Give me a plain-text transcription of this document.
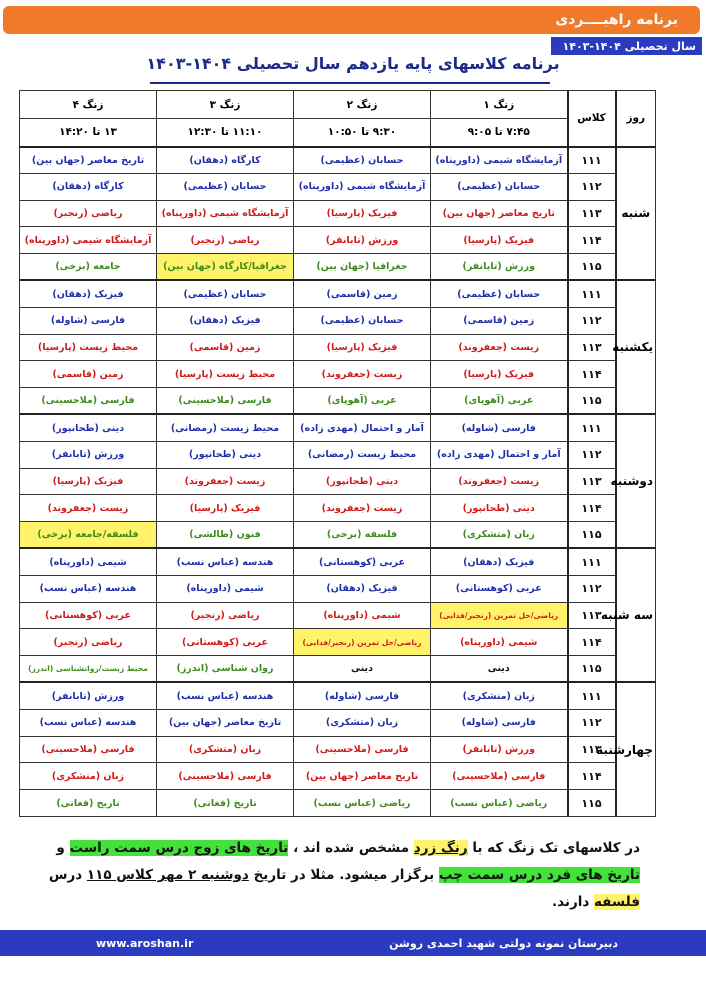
برنامه راهبــــردی
سال تحصیلی ۱۴۰۴-۱۴۰۳
برنامه کلاسهای پایه یازدهم سال تحصیلی ۱۴۰۴-۱۴۰۳
روز	کلاس	زنگ ۱	زنگ ۲	زنگ ۳	زنگ ۴
		۷:۴۵ تا ۹:۰۵	۹:۳۰ تا ۱۰:۵۰	۱۱:۱۰ تا ۱۲:۳۰	۱۳ تا ۱۴:۲۰
شنبه	۱۱۱	آزمایشگاه شیمی (داورپناه)	حسابان (عظیمی)	کارگاه (دهقان)	تاریخ معاصر (جهان بین)
	۱۱۲	حسابان (عظیمی)	آزمایشگاه شیمی (داورپناه)	حسابان (عظیمی)	کارگاه (دهقان)
	۱۱۳	تاریخ معاصر (جهان بین)	فیزیک (پارسیا)	آزمایشگاه شیمی (داورپناه)	ریاضی (رنجبر)
	۱۱۴	فیزیک (پارسیا)	ورزش (تابانفر)	ریاضی (رنجبر)	آزمایشگاه شیمی (داورپناه)
	۱۱۵	ورزش (تابانفر)	جغرافیا (جهان بین)	جغرافیا/کارگاه (جهان بین)	جامعه (برخی)
یکشنبه	۱۱۱	حسابان (عظیمی)	زمین (قاسمی)	حسابان (عظیمی)	فیزیک (دهقان)
	۱۱۲	زمین (قاسمی)	حسابان (عظیمی)	فیزیک (دهقان)	فارسی (شاوله)
	۱۱۳	زیست (جعفروند)	فیزیک (پارسیا)	زمین (قاسمی)	محیط زیست (پارسیا)
	۱۱۴	فیزیک (پارسیا)	زیست (جعفروند)	محیط زیست (پارسیا)	زمین (قاسمی)
	۱۱۵	عربی (آهوپای)	عربی (آهوپای)	فارسی (ملاحسینی)	فارسی (ملاحسینی)
دوشنبه	۱۱۱	فارسی (شاوله)	آمار و احتمال (مهدی زاده)	محیط زیست (رمضانی)	دینی (طحانپور)
	۱۱۲	آمار و احتمال (مهدی زاده)	محیط زیست (رمضانی)	دینی (طحانپور)	ورزش (تابانفر)
	۱۱۳	زیست (جعفروند)	دینی (طحانپور)	زیست (جعفروند)	فیزیک (پارسیا)
	۱۱۴	دینی (طحانپور)	زیست (جعفروند)	فیزیک (پارسیا)	زیست (جعفروند)
	۱۱۵	زبان (متشکری)	فلسفه (برخی)	فنون (طالشی)	فلسفه/جامعه (برخی)
سه شنبه	۱۱۱	فیزیک (دهقان)	عربی (کوهستانی)	هندسه (عباس نسب)	شیمی (داورپناه)
	۱۱۲	عربی (کوهستانی)	فیزیک (دهقان)	شیمی (داورپناه)	هندسه (عباس نسب)
	۱۱۳	ریاضی/حل تمرین (رنجبر/فدایی)	شیمی (داورپناه)	ریاضی (رنجبر)	عربی (کوهستانی)
	۱۱۴	شیمی (داورپناه)	ریاضی/حل تمرین (رنجبر/فدایی)	عربی (کوهستانی)	ریاضی (رنجبر)
	۱۱۵	دینی	دینی	روان شناسی (اندرز)	محیط زیست/روانشناسی (اندرز)
چهارشنبه	۱۱۱	زبان (متشکری)	فارسی (شاوله)	هندسه (عباس نسب)	ورزش (تابانفر)
	۱۱۲	فارسی (شاوله)	زبان (متشکری)	تاریخ معاصر (جهان بین)	هندسه (عباس نسب)
	۱۱۳	ورزش (تابانفر)	فارسی (ملاحسینی)	زبان (متشکری)	فارسی (ملاحسینی)
	۱۱۴	فارسی (ملاحسینی)	تاریخ معاصر (جهان بین)	فارسی (ملاحسینی)	زبان (متشکری)
	۱۱۵	ریاضی (عباس نسب)	ریاضی (عباس نسب)	تاریخ (فغانی)	تاریخ (فغانی)
در کلاسهای تک زنگ که با رنگ زرد مشخص شده اند ، تاریخ های زوج درس سمت راست و تاریخ های فرد درس سمت چپ برگزار میشود. مثلا در تاریخ دوشنبه ۲ مهر کلاس ۱۱۵ درس فلسفه دارند.
دبیرستان نمونه دولتی شهید احمدی روشن
www.aroshan.ir
